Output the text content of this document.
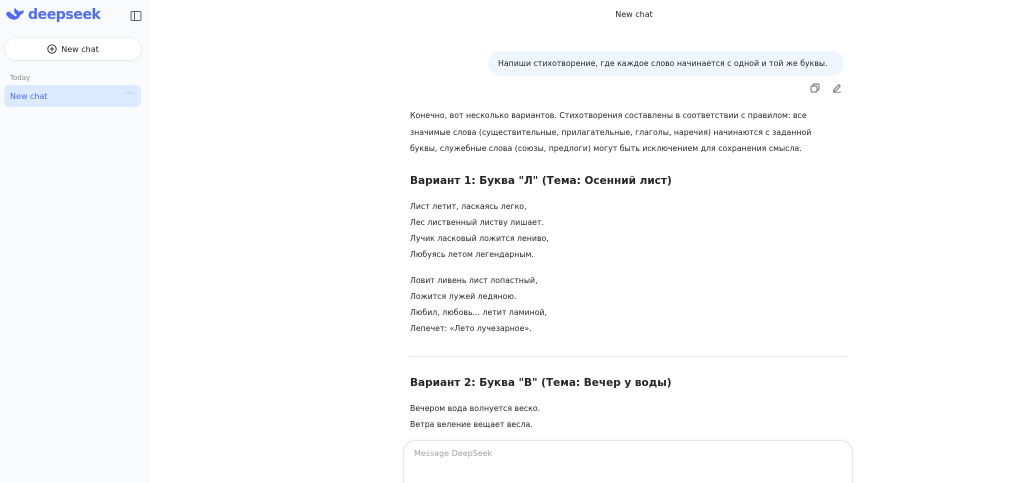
deepseek
New chat
Today
New chat	···
New chat
Напиши стихотворение, где каждое слово начинается с одной и той же буквы.
Конечно, вот несколько вариантов. Стихотворения составлены в соответствии с правилом: все значимые слова (существительные, прилагательные, глаголы, наречия) начинаются с заданной буквы, служебные слова (союзы, предлоги) могут быть исключением для сохранения смысла.
Вариант 1: Буква "Л" (Тема: Осенний лист)
Лист летит, ласкаясь легко,
Лес лиственный листву лишает.
Лучик ласковый ложится лениво,
Любуясь летом легендарным.
Ловит ливень лист лопастный,
Ложится лужей ледяною.
Любил, любовь... летит ламиной,
Лепечет: «Лето лучезарное».
Вариант 2: Буква "В" (Тема: Вечер у воды)
Вечером вода волнуется веско.
Ветра веление вещает весла.
Message DeepSeek
